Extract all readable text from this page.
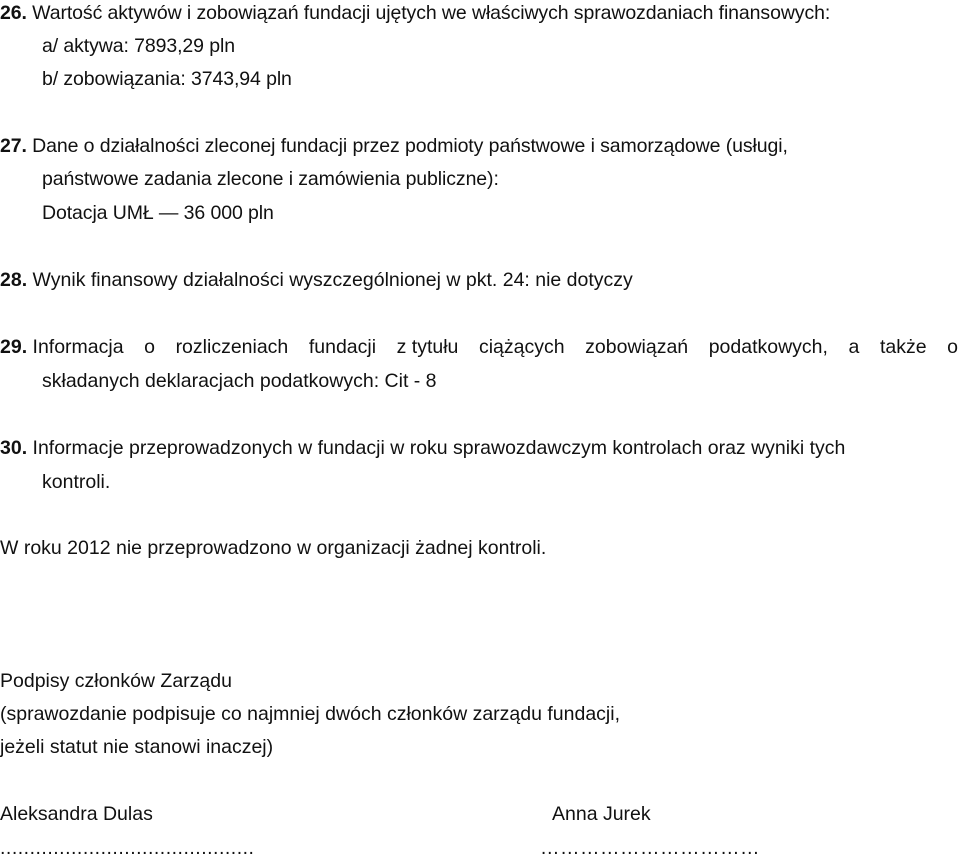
26. Wartość aktywów i zobowiązań fundacji ujętych we właściwych sprawozdaniach finansowych:
a/ aktywa: 7893,29 pln
b/ zobowiązania: 3743,94 pln
27. Dane o działalności zleconej fundacji przez podmioty państwowe i samorządowe (usługi,
państwowe zadania zlecone i zamówienia publiczne):
Dotacja UMŁ — 36 000 pln
28. Wynik finansowy działalności wyszczególnionej w pkt. 24: nie dotyczy
29. Informacja o rozliczeniach fundacji z tytułu ciążących zobowiązań podatkowych, a także o
składanych deklaracjach podatkowych: Cit - 8
30. Informacje przeprowadzonych w fundacji w roku sprawozdawczym kontrolach oraz wyniki tych
kontroli.
W roku 2012 nie przeprowadzono w organizacji żadnej kontroli.
Podpisy członków Zarządu
(sprawozdanie podpisuje co najmniej dwóch członków zarządu fundacji,
jeżeli statut nie stanowi inaczej)
Aleksandra Dulas	Anna Jurek
...........................................	……………………………
